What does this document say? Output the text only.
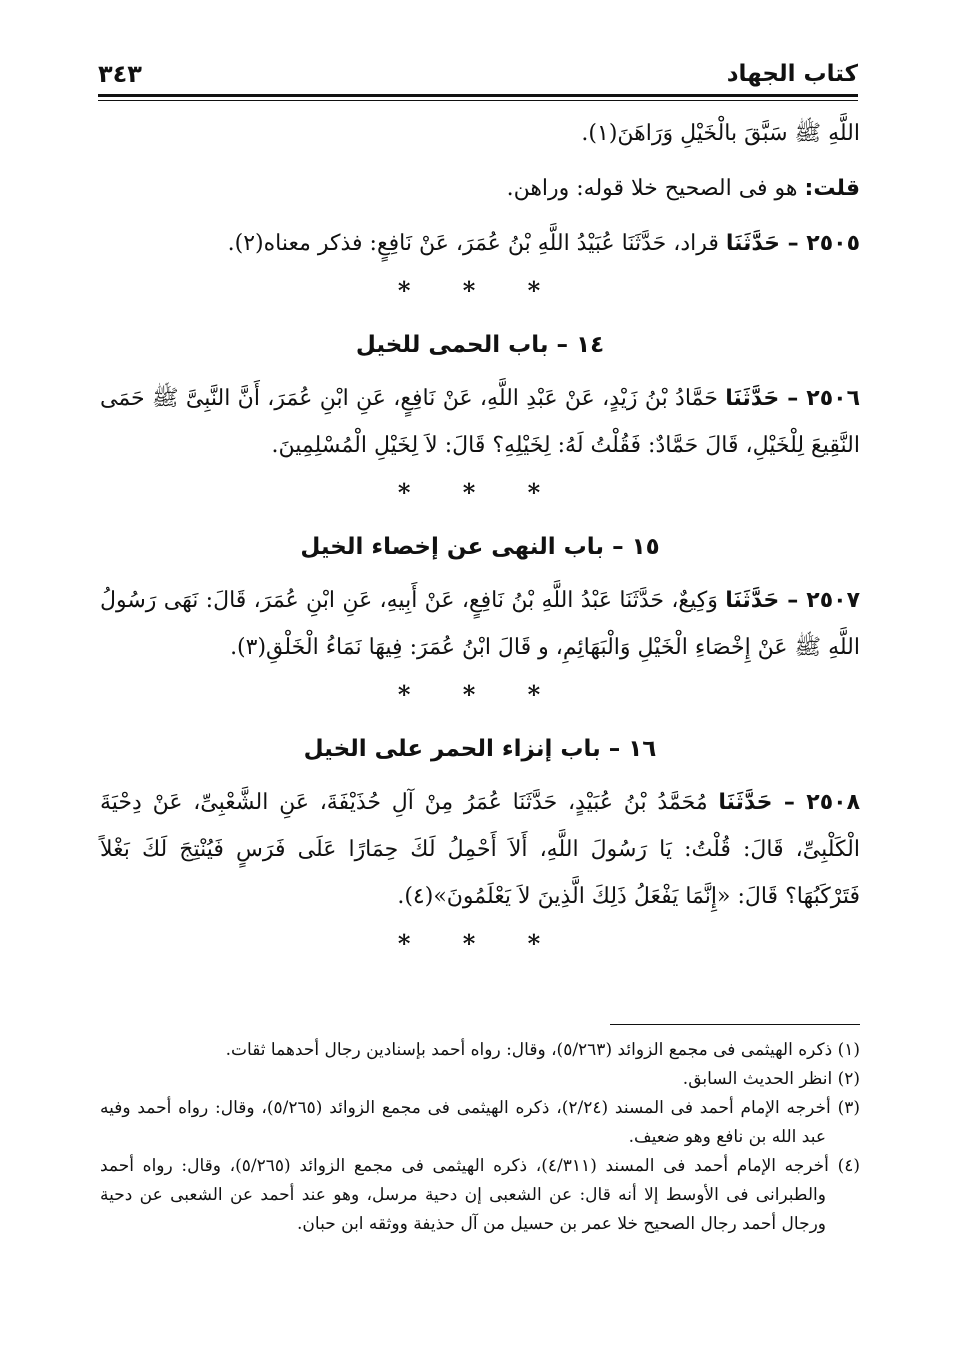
كتاب الجهاد
٣٤٣

اللَّهِ ﷺ سَبَّقَ بالْخَيْلِ وَرَاهَنَ(١).

قلت: هو فى الصحيح خلا قوله: وراهن.

٢٥٠٥ – حَدَّثَنَا قراد، حَدَّثَنَا عُبَيْدُ اللَّهِ بْنُ عُمَرَ، عَنْ نَافِعٍ: فذكر معناه(٢).

* * *

١٤ – باب الحمى للخيل

٢٥٠٦ – حَدَّثَنَا حَمَّادُ بْنُ زَيْدٍ، عَنْ عَبْدِ اللَّهِ، عَنْ نَافِعٍ، عَنِ ابْنِ عُمَرَ، أَنَّ النَّبِىَّ ﷺ حَمَى النَّقِيعَ لِلْخَيْلِ، قَالَ حَمَّادٌ: فَقُلْتُ لَهُ: لِخَيْلِهِ؟ قَالَ: لاَ لِخَيْلِ الْمُسْلِمِينَ.

* * *

١٥ – باب النهى عن إخصاء الخيل

٢٥٠٧ – حَدَّثَنَا وَكِيعٌ، حَدَّثَنَا عَبْدُ اللَّهِ بْنُ نَافِعٍ، عَنْ أَبِيهِ، عَنِ ابْنِ عُمَرَ، قَالَ: نَهَى رَسُولُ اللَّهِ ﷺ عَنْ إِخْصَاءِ الْخَيْلِ وَالْبَهَائِمِ، و قَالَ ابْنُ عُمَرَ: فِيهَا نَمَاءُ الْخَلْقِ(٣).

* * *

١٦ – باب إنزاء الحمر على الخيل

٢٥٠٨ – حَدَّثَنَا مُحَمَّدُ بْنُ عُبَيْدٍ، حَدَّثَنَا عُمَرُ مِنْ آلِ حُذَيْفَةَ، عَنِ الشَّعْبِىِّ، عَنْ دِحْيَةَ الْكَلْبِىِّ، قَالَ: قُلْتُ: يَا رَسُولَ اللَّهِ، أَلاَ أَحْمِلُ لَكَ حِمَارًا عَلَى فَرَسٍ فَيُنْتِجَ لَكَ بَغْلاً فَتَرْكَبُهَا؟ قَالَ: «إِنَّمَا يَفْعَلُ ذَلِكَ الَّذِينَ لاَ يَعْلَمُونَ»(٤).

* * *

(١) ذكره الهيثمى فى مجمع الزوائد (٥/٢٦٣)، وقال: رواه أحمد بإسنادين رجال أحدهما ثقات.

(٢) انظر الحديث السابق.

(٣) أخرجه الإمام أحمد فى المسند (٢/٢٤)، ذكره الهيثمى فى مجمع الزوائد (٥/٢٦٥)، وقال: رواه أحمد وفيه عبد الله بن نافع وهو ضعيف.

(٤) أخرجه الإمام أحمد فى المسند (٤/٣١١)، ذكره الهيثمى فى مجمع الزوائد (٥/٢٦٥)، وقال: رواه أحمد والطبرانى فى الأوسط إلا أنه قال: عن الشعبى إن دحية مرسل، وهو عند أحمد عن الشعبى عن دحية ورجال أحمد رجال الصحيح خلا عمر بن حسيل من آل حذيفة ووثقه ابن حبان.
